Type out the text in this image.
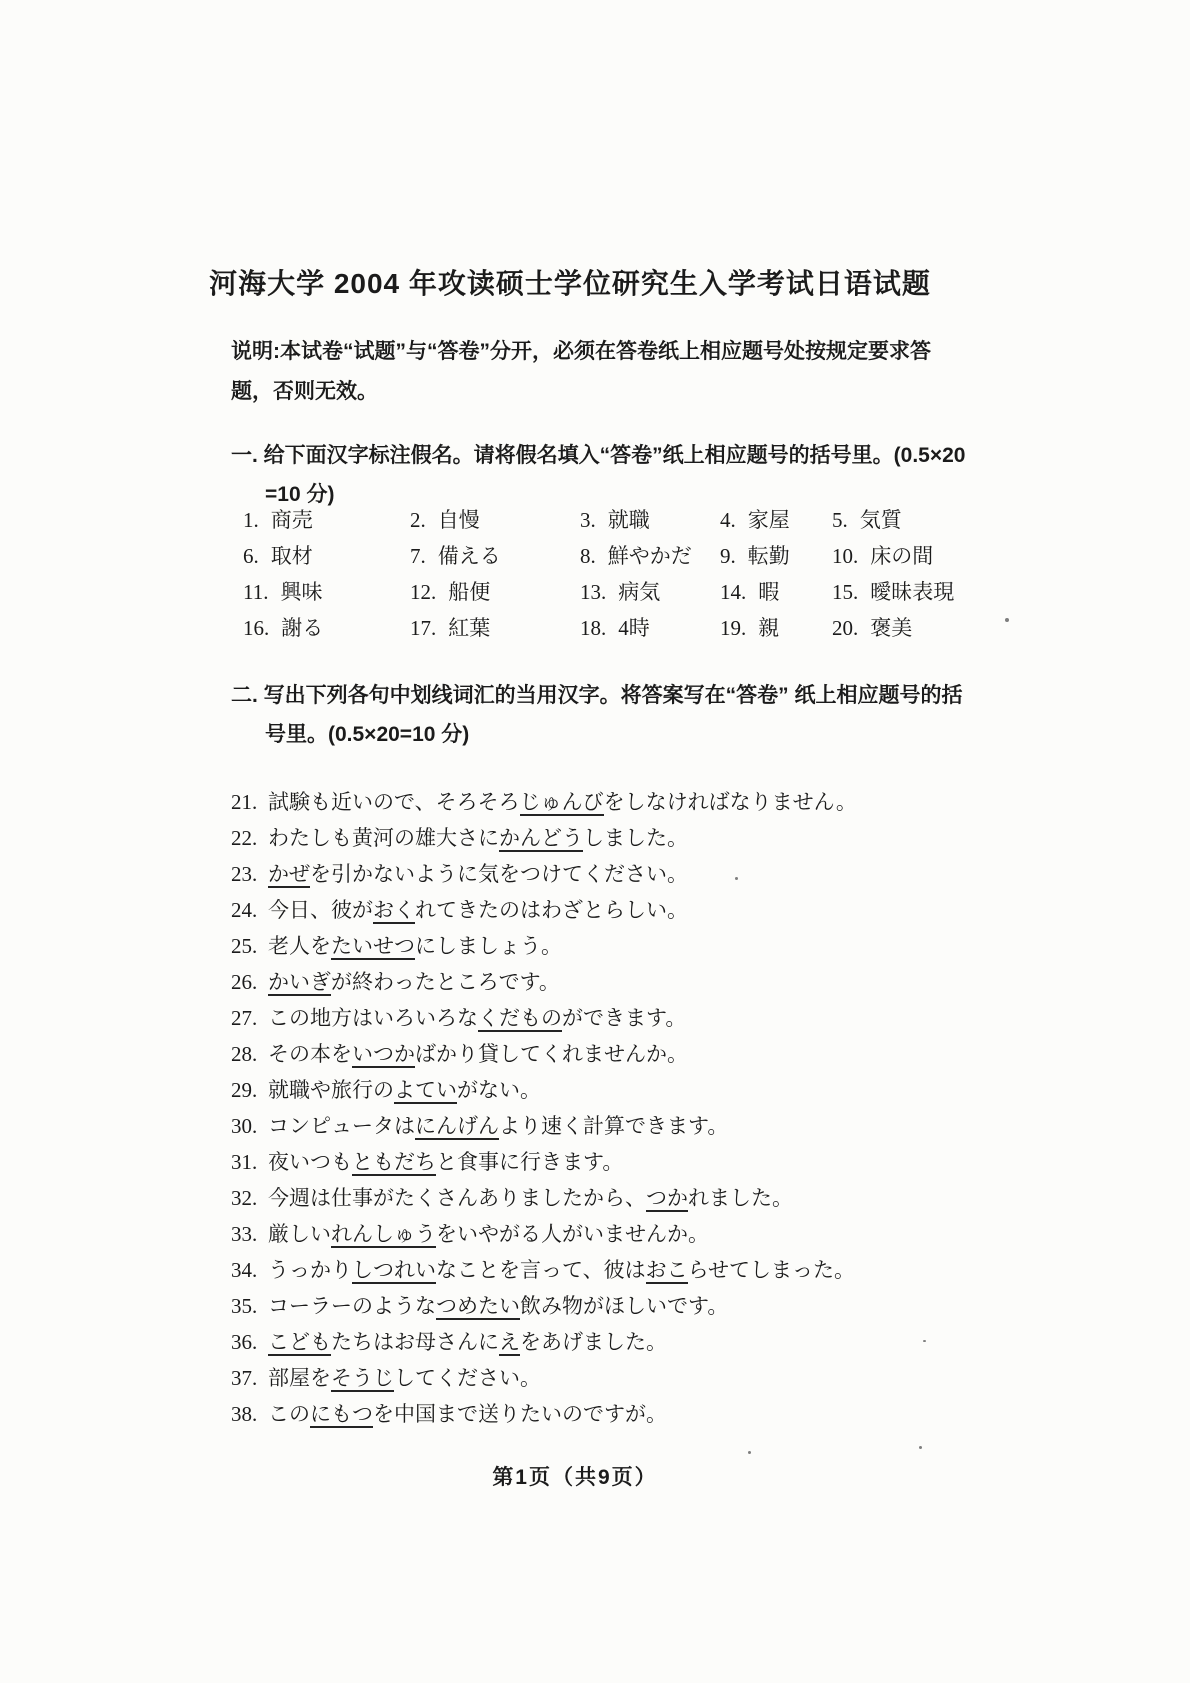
河海大学 2004 年攻读硕士学位研究生入学考试日语试题
说明:本试卷“试题”与“答卷”分开，必须在答卷纸上相应题号处按规定要求答
题，否则无效。
一. 给下面汉字标注假名。请将假名填入“答卷”纸上相应题号的括号里。(0.5×20
=10 分)
1. 商売	2. 自慢	3. 就職	4. 家屋	5. 気質
6. 取材	7. 備える	8. 鮮やかだ	9. 転勤	10. 床の間
11. 興味	12. 船便	13. 病気	14. 暇	15. 曖昧表現
16. 謝る	17. 紅葉	18. 4時	19. 親	20. 褒美
二. 写出下列各句中划线词汇的当用汉字。将答案写在“答卷” 纸上相应题号的括
号里。(0.5×20=10 分)
21. 試験も近いので、そろそろじゅんびをしなければなりません。
22. わたしも黄河の雄大さにかんどうしました。
23. かぜを引かないように気をつけてください。
24. 今日、彼がおくれてきたのはわざとらしい。
25. 老人をたいせつにしましょう。
26. かいぎが終わったところです。
27. この地方はいろいろなくだものができます。
28. その本をいつかばかり貸してくれませんか。
29. 就職や旅行のよていがない。
30. コンピュータはにんげんより速く計算できます。
31. 夜いつもともだちと食事に行きます。
32. 今週は仕事がたくさんありましたから、つかれました。
33. 厳しいれんしゅうをいやがる人がいませんか。
34. うっかりしつれいなことを言って、彼はおこらせてしまった。
35. コーラーのようなつめたい飲み物がほしいです。
36. こどもたちはお母さんにえをあげました。
37. 部屋をそうじしてください。
38. このにもつを中国まで送りたいのですが。
第1页（共9页）
